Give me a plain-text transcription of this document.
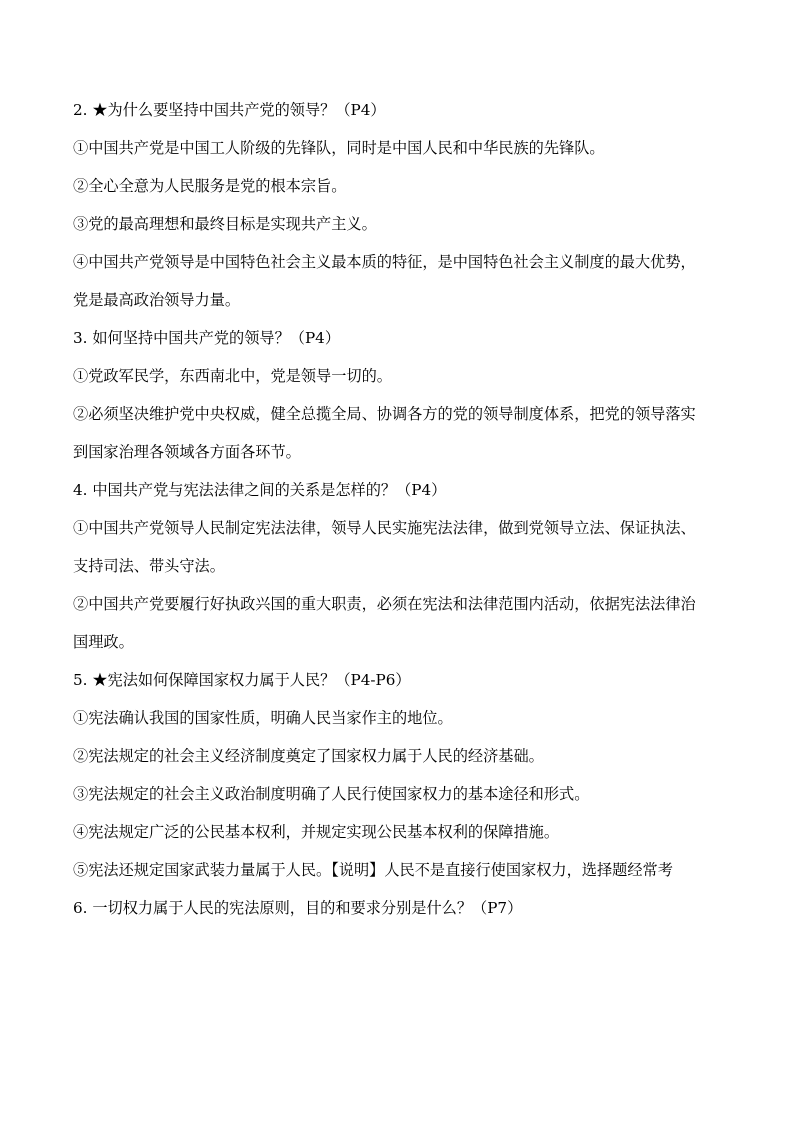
2. ★为什么要坚持中国共产党的领导？（P4）

①中国共产党是中国工人阶级的先锋队，同时是中国人民和中华民族的先锋队。

②全心全意为人民服务是党的根本宗旨。

③党的最高理想和最终目标是实现共产主义。

④中国共产党领导是中国特色社会主义最本质的特征，是中国特色社会主义制度的最大优势，

党是最高政治领导力量。

3. 如何坚持中国共产党的领导？（P4）

①党政军民学，东西南北中，党是领导一切的。

②必须坚决维护党中央权威，健全总揽全局、协调各方的党的领导制度体系，把党的领导落实

到国家治理各领域各方面各环节。

4. 中国共产党与宪法法律之间的关系是怎样的？（P4）

①中国共产党领导人民制定宪法法律，领导人民实施宪法法律，做到党领导立法、保证执法、

支持司法、带头守法。

②中国共产党要履行好执政兴国的重大职责，必须在宪法和法律范围内活动，依据宪法法律治

国理政。

5. ★宪法如何保障国家权力属于人民？（P4-P6）

①宪法确认我国的国家性质，明确人民当家作主的地位。

②宪法规定的社会主义经济制度奠定了国家权力属于人民的经济基础。

③宪法规定的社会主义政治制度明确了人民行使国家权力的基本途径和形式。

④宪法规定广泛的公民基本权利，并规定实现公民基本权利的保障措施。

⑤宪法还规定国家武装力量属于人民。【说明】人民不是直接行使国家权力，选择题经常考

6. 一切权力属于人民的宪法原则，目的和要求分别是什么？（P7）
